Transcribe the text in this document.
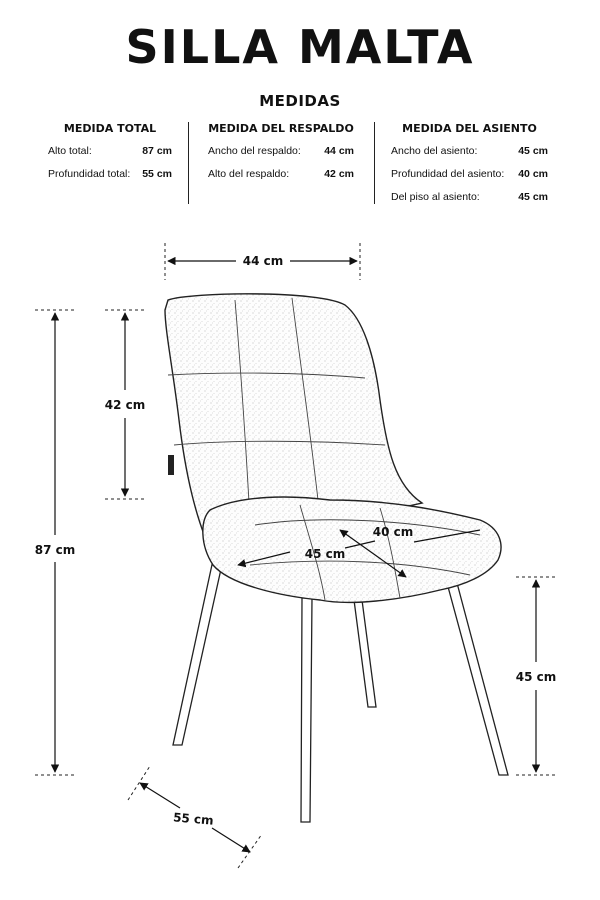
SILLA MALTA
MEDIDAS
MEDIDA TOTAL
Alto total:	87 cm
Profundidad total: 55 cm
MEDIDA DEL RESPALDO
Ancho del respaldo: 44 cm
Alto del respaldo:	42 cm
MEDIDA DEL ASIENTO
Ancho del asiento:	45 cm
Profundidad del asiento: 40 cm
Del piso al asiento:	45 cm
44 cm
42 cm
87 cm
40 cm
45 cm
45 cm
55 cm
